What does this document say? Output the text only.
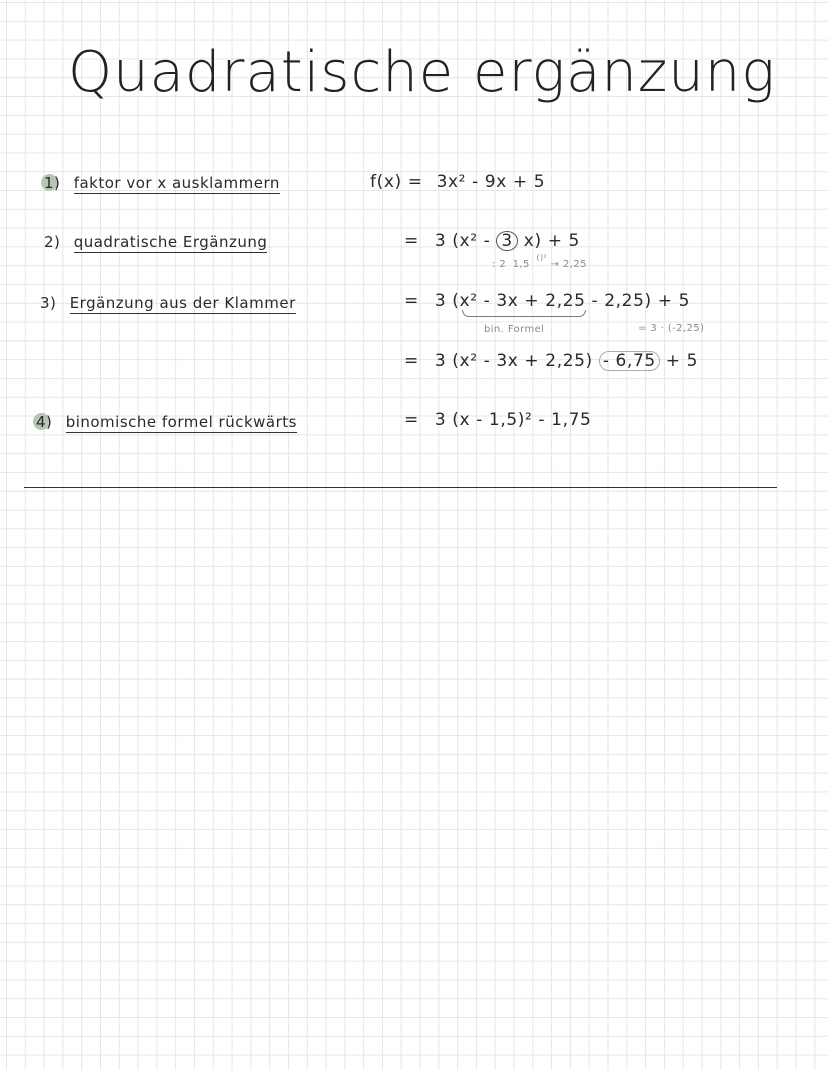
Quadratische ergänzung
1) faktor vor x ausklammern
2) quadratische Ergänzung
3) Ergänzung aus der Klammer
4) binomische formel rückwärts
f(x) = 3x² - 9x + 5
= 3 (x² - 3 x) + 5
: 2 1,5 $^{()^2}$ → 2,25
= 3 (x² - 3x + 2,25 - 2,25) + 5
bin. Formel	= 3 · (-2,25)
= 3 (x² - 3x + 2,25) - 6,75 + 5
= 3 (x - 1,5)² - 1,75
